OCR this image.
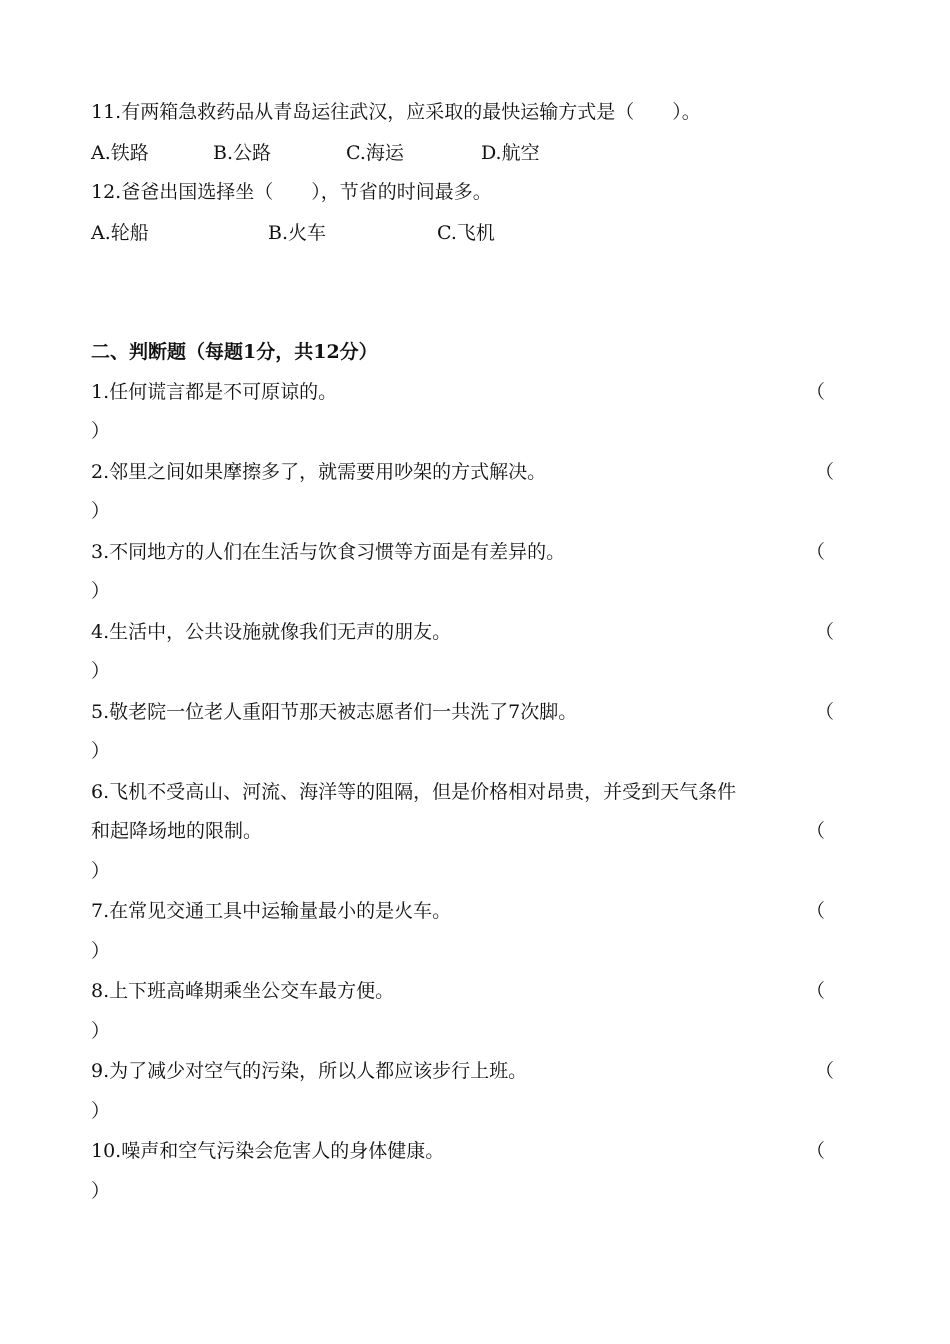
11.有两箱急救药品从青岛运往武汉，应采取的最快运输方式是（　　）。
A.铁路	B.公路	C.海运	D.航空
12.爸爸出国选择坐（　　），节省的时间最多。
A.轮船	B.火车	C.飞机
二、判断题（每题1分，共12分）
1.任何谎言都是不可原谅的。	（
）
2.邻里之间如果摩擦多了，就需要用吵架的方式解决。	（
）
3.不同地方的人们在生活与饮食习惯等方面是有差异的。	（
）
4.生活中，公共设施就像我们无声的朋友。	（
）
5.敬老院一位老人重阳节那天被志愿者们一共洗了7次脚。	（
）
6.飞机不受高山、河流、海洋等的阻隔，但是价格相对昂贵，并受到天气条件
和起降场地的限制。	（
）
7.在常见交通工具中运输量最小的是火车。	（
）
8.上下班高峰期乘坐公交车最方便。	（
）
9.为了减少对空气的污染，所以人都应该步行上班。	（
）
10.噪声和空气污染会危害人的身体健康。	（
）
